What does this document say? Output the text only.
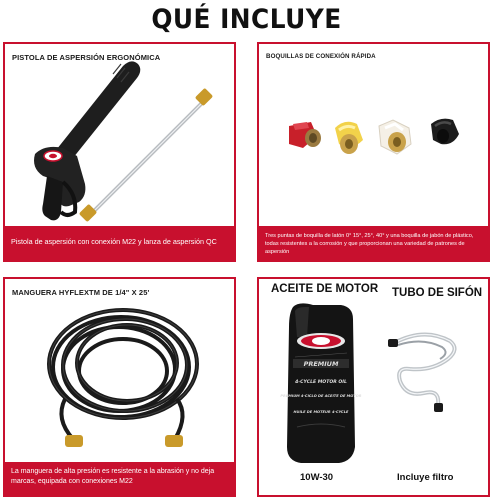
QUÉ INCLUYE
PISTOLA DE ASPERSIÓN ERGONÓMICA
Pistola de aspersión con conexión M22 y lanza de aspersión QC
BOQUILLAS DE CONEXIÓN RÁPIDA
Tres puntas de boquilla de latón 0° 15°, 25°, 40° y una boquilla de jabón de plástico, todas resistentes a la corrosión y que proporcionan una variedad de patrones de aspersión
MANGUERA HYFLEXTM DE 1/4" X 25'
La manguera de alta presión es resistente a la abrasión y no deja marcas, equipada con conexiones M22
ACEITE DE MOTOR TUBO DE SIFÓN
PREMIUM
4-CYCLE MOTOR OIL
PREMIUM 4-CICLO DE ACEITE DE MOTOR
HUILE DE MOTEUR 4-CYCLE
10W-30	Incluye filtro
